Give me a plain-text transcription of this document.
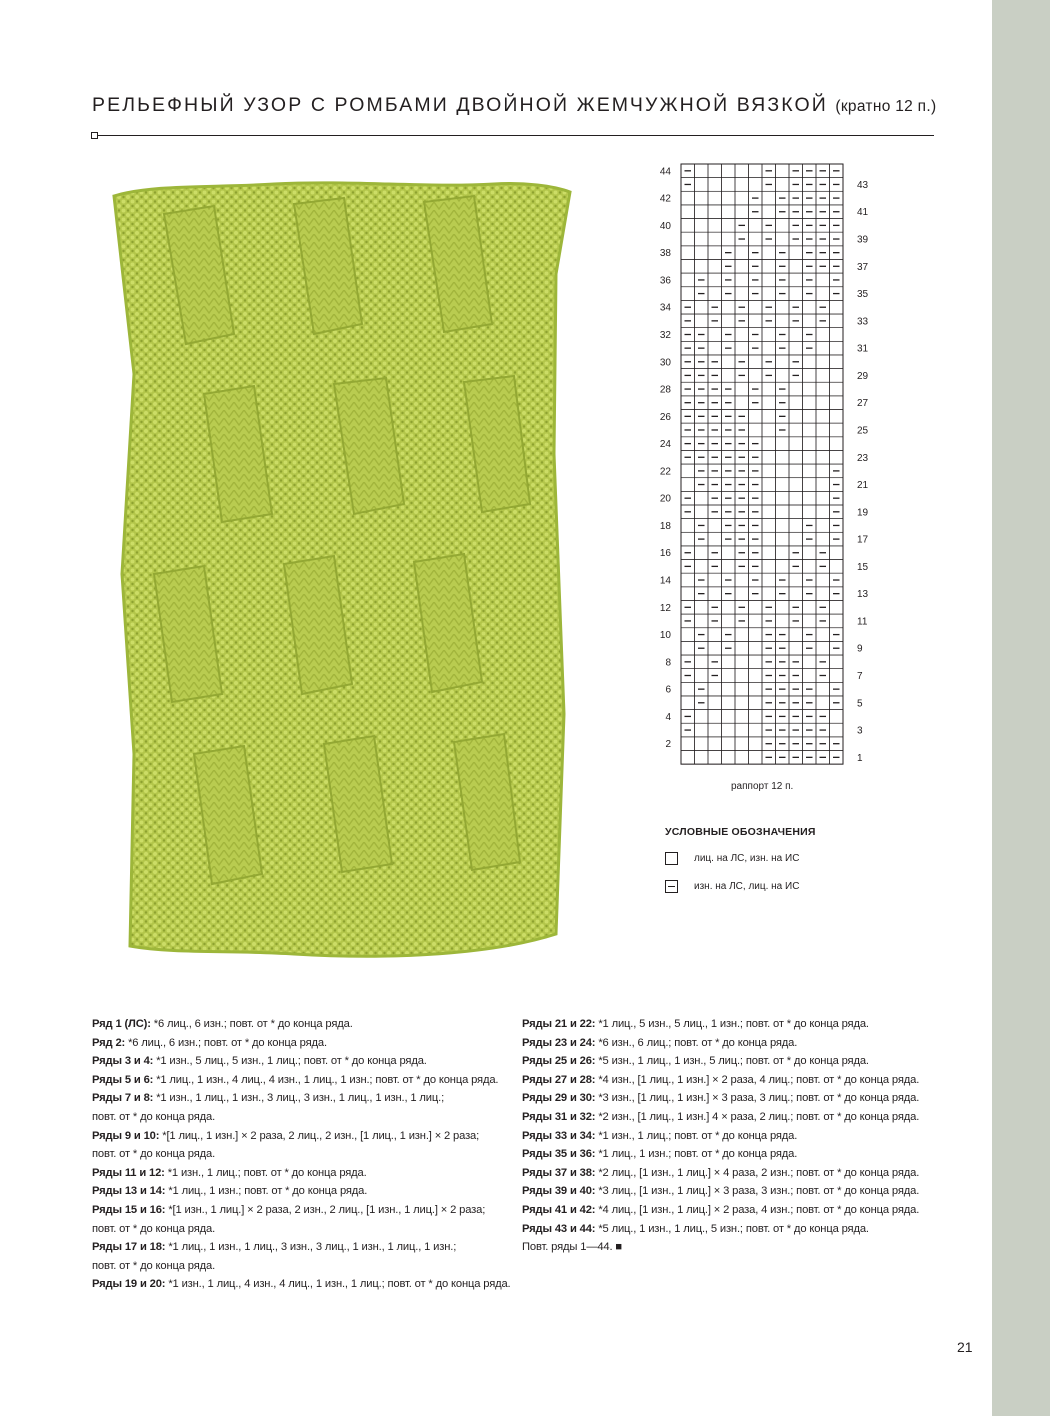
РЕЛЬЕФНЫЙ УЗОР С РОМБАМИ ДВОЙНОЙ ЖЕМЧУЖНОЙ ВЯЗКОЙ (кратно 12 п.)
44
42
40
38
36
34
32
30
28
26
24
22
20
18
16
14
12
10
8
6
4
2
43
41
39
37
35
33
31
29
27
25
23
21
19
17
15
13
11
9
7
5
3
1
раппорт 12 п.
УСЛОВНЫЕ ОБОЗНАЧЕНИЯ
лиц. на ЛС, изн. на ИС
изн. на ЛС, лиц. на ИС
Ряд 1 (ЛС): *6 лиц., 6 изн.; повт. от * до конца ряда.
Ряд 2: *6 лиц., 6 изн.; повт. от * до конца ряда.
Ряды 3 и 4: *1 изн., 5 лиц., 5 изн., 1 лиц.; повт. от * до конца ряда.
Ряды 5 и 6: *1 лиц., 1 изн., 4 лиц., 4 изн., 1 лиц., 1 изн.; повт. от * до конца ряда.
Ряды 7 и 8: *1 изн., 1 лиц., 1 изн., 3 лиц., 3 изн., 1 лиц., 1 изн., 1 лиц.;
повт. от * до конца ряда.
Ряды 9 и 10: *[1 лиц., 1 изн.] × 2 раза, 2 лиц., 2 изн., [1 лиц., 1 изн.] × 2 раза;
повт. от * до конца ряда.
Ряды 11 и 12: *1 изн., 1 лиц.; повт. от * до конца ряда.
Ряды 13 и 14: *1 лиц., 1 изн.; повт. от * до конца ряда.
Ряды 15 и 16: *[1 изн., 1 лиц.] × 2 раза, 2 изн., 2 лиц., [1 изн., 1 лиц.] × 2 раза;
повт. от * до конца ряда.
Ряды 17 и 18: *1 лиц., 1 изн., 1 лиц., 3 изн., 3 лиц., 1 изн., 1 лиц., 1 изн.;
повт. от * до конца ряда.
Ряды 19 и 20: *1 изн., 1 лиц., 4 изн., 4 лиц., 1 изн., 1 лиц.; повт. от * до конца ряда.
Ряды 21 и 22: *1 лиц., 5 изн., 5 лиц., 1 изн.; повт. от * до конца ряда.
Ряды 23 и 24: *6 изн., 6 лиц.; повт. от * до конца ряда.
Ряды 25 и 26: *5 изн., 1 лиц., 1 изн., 5 лиц.; повт. от * до конца ряда.
Ряды 27 и 28: *4 изн., [1 лиц., 1 изн.] × 2 раза, 4 лиц.; повт. от * до конца ряда.
Ряды 29 и 30: *3 изн., [1 лиц., 1 изн.] × 3 раза, 3 лиц.; повт. от * до конца ряда.
Ряды 31 и 32: *2 изн., [1 лиц., 1 изн.] 4 × раза, 2 лиц.; повт. от * до конца ряда.
Ряды 33 и 34: *1 изн., 1 лиц.; повт. от * до конца ряда.
Ряды 35 и 36: *1 лиц., 1 изн.; повт. от * до конца ряда.
Ряды 37 и 38: *2 лиц., [1 изн., 1 лиц.] × 4 раза, 2 изн.; повт. от * до конца ряда.
Ряды 39 и 40: *3 лиц., [1 изн., 1 лиц.] × 3 раза, 3 изн.; повт. от * до конца ряда.
Ряды 41 и 42: *4 лиц., [1 изн., 1 лиц.] × 2 раза, 4 изн.; повт. от * до конца ряда.
Ряды 43 и 44: *5 лиц., 1 изн., 1 лиц., 5 изн.; повт. от * до конца ряда.
Повт. ряды 1—44. ■
21
